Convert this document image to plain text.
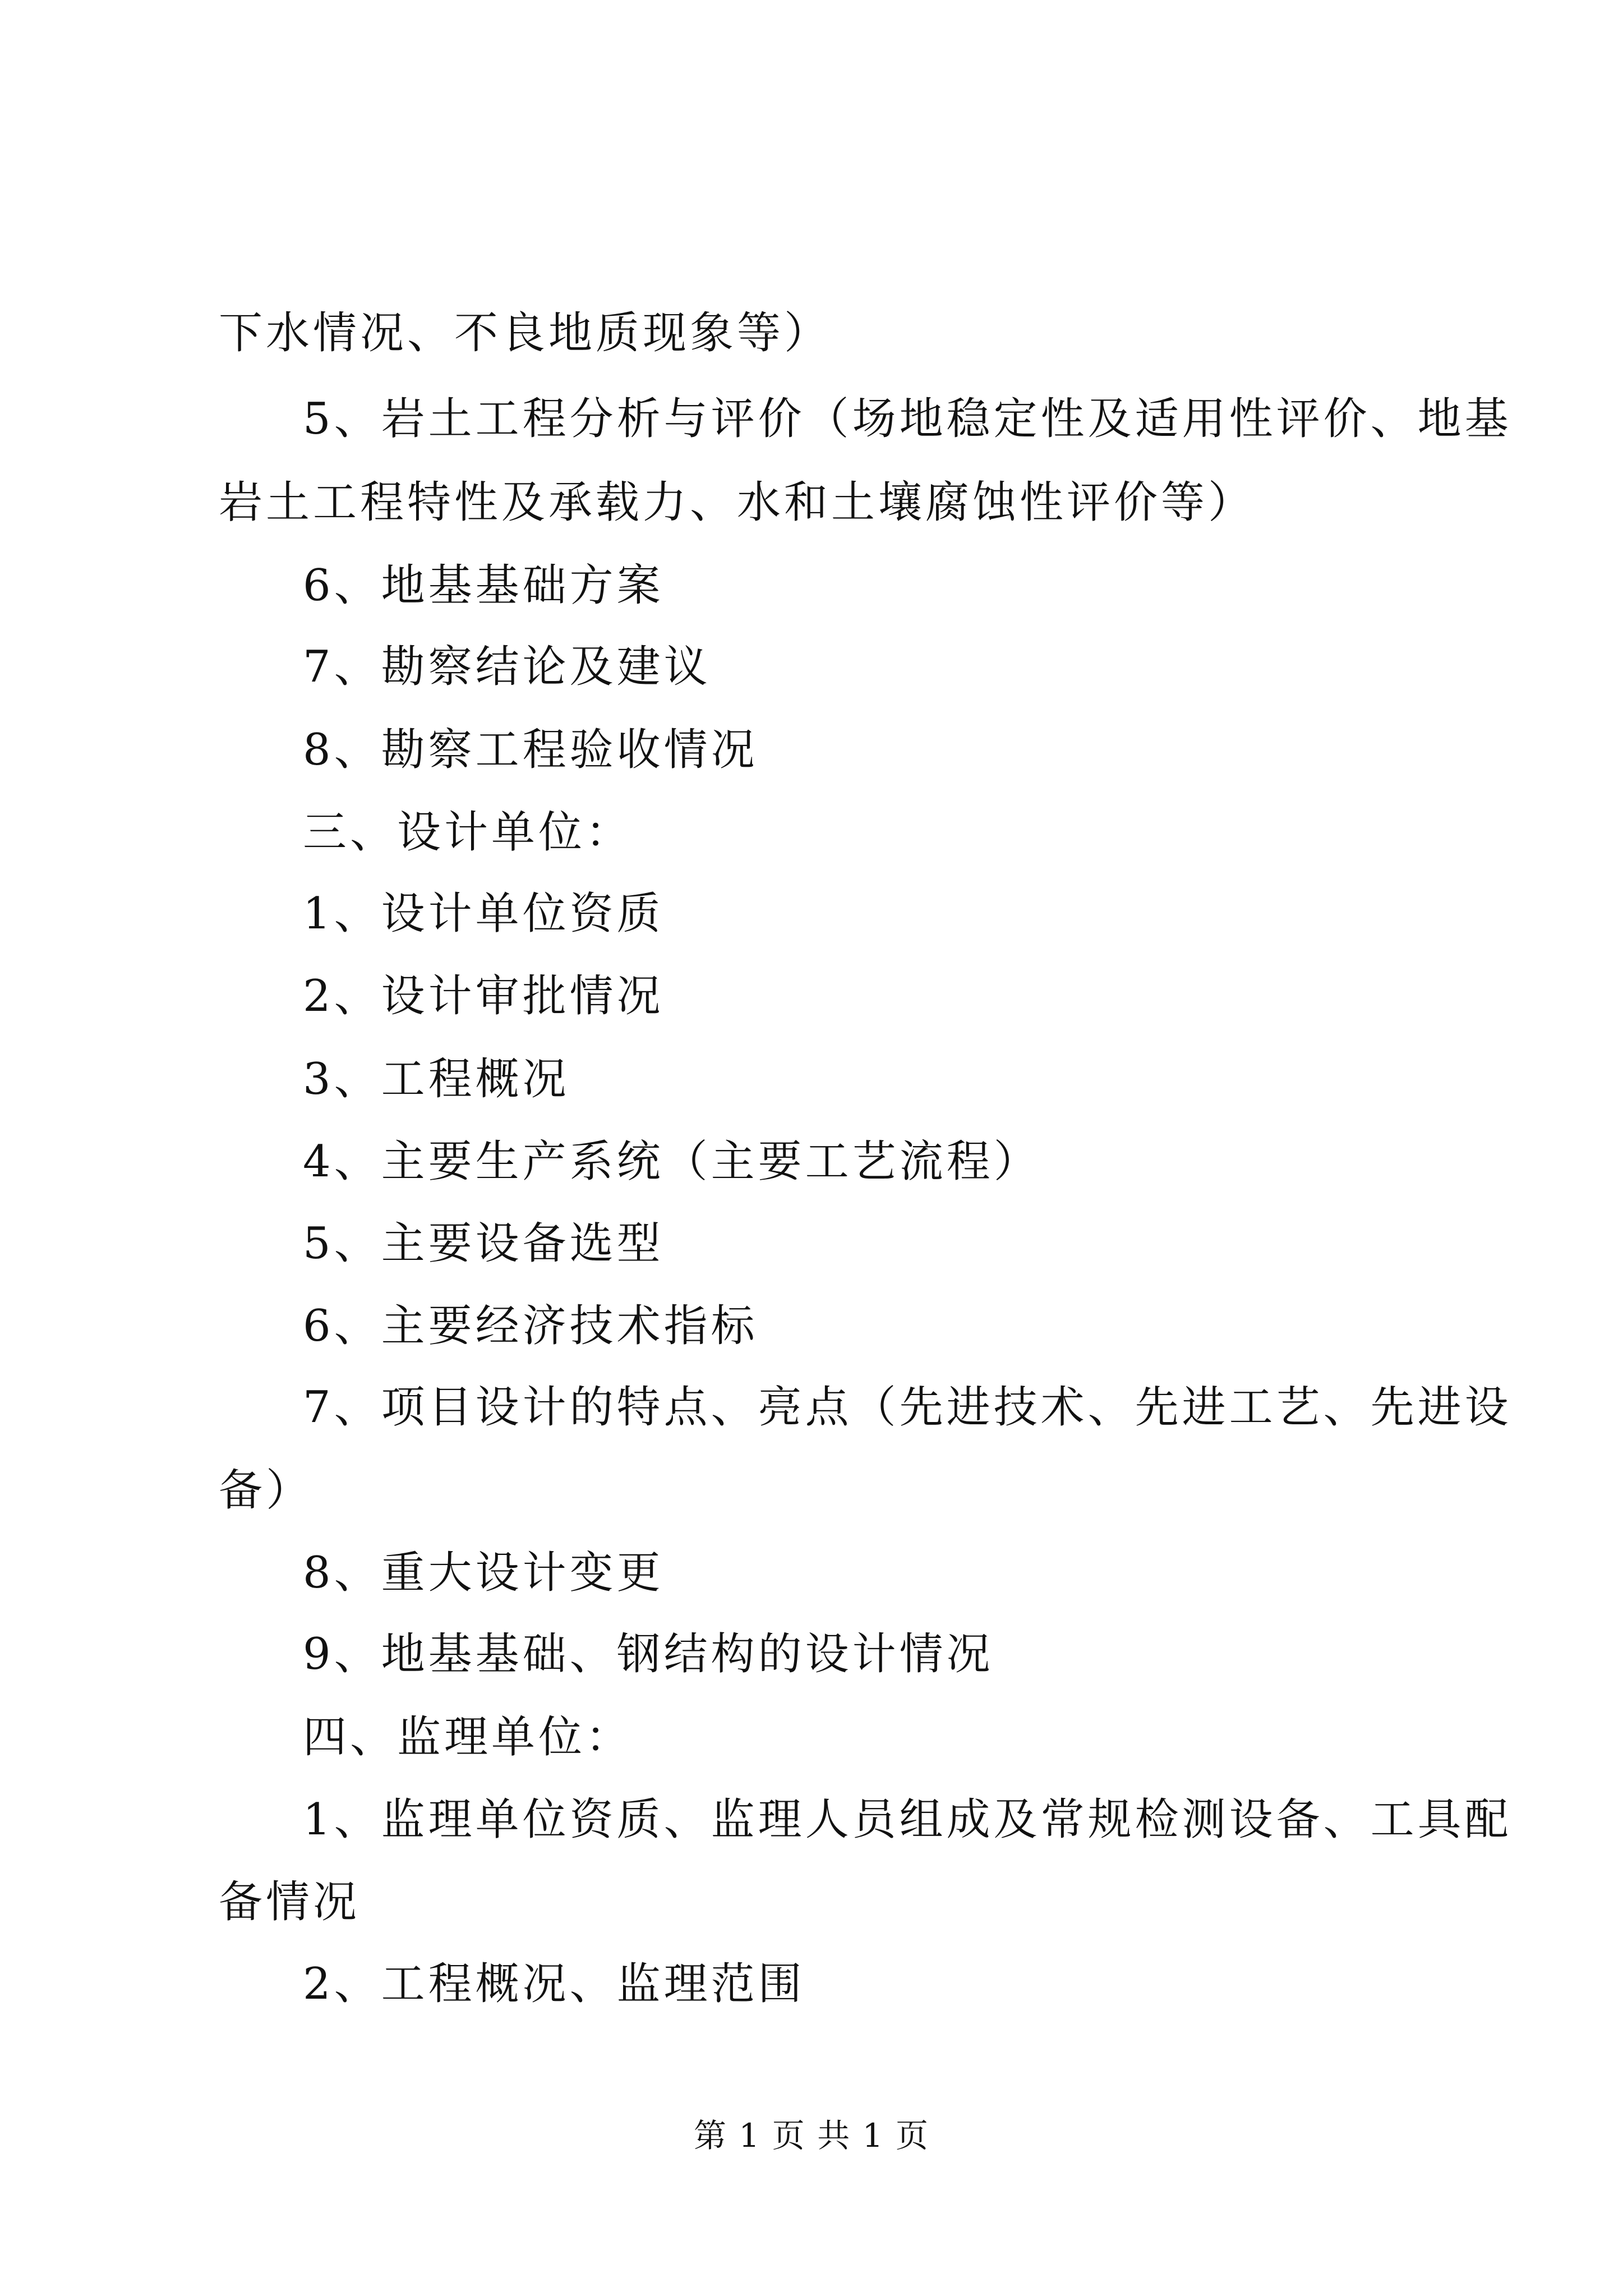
下水情况、不良地质现象等）
5、岩土工程分析与评价（场地稳定性及适用性评价、地基
岩土工程特性及承载力、水和土壤腐蚀性评价等）
6、地基基础方案
7、勘察结论及建议
8、勘察工程验收情况
三、设计单位：
1、设计单位资质
2、设计审批情况
3、工程概况
4、主要生产系统（主要工艺流程）
5、主要设备选型
6、主要经济技术指标
7、项目设计的特点、亮点（先进技术、先进工艺、先进设
备）
8、重大设计变更
9、地基基础、钢结构的设计情况
四、监理单位：
1、监理单位资质、监理人员组成及常规检测设备、工具配
备情况
2、工程概况、监理范围
第 1 页 共 1 页
